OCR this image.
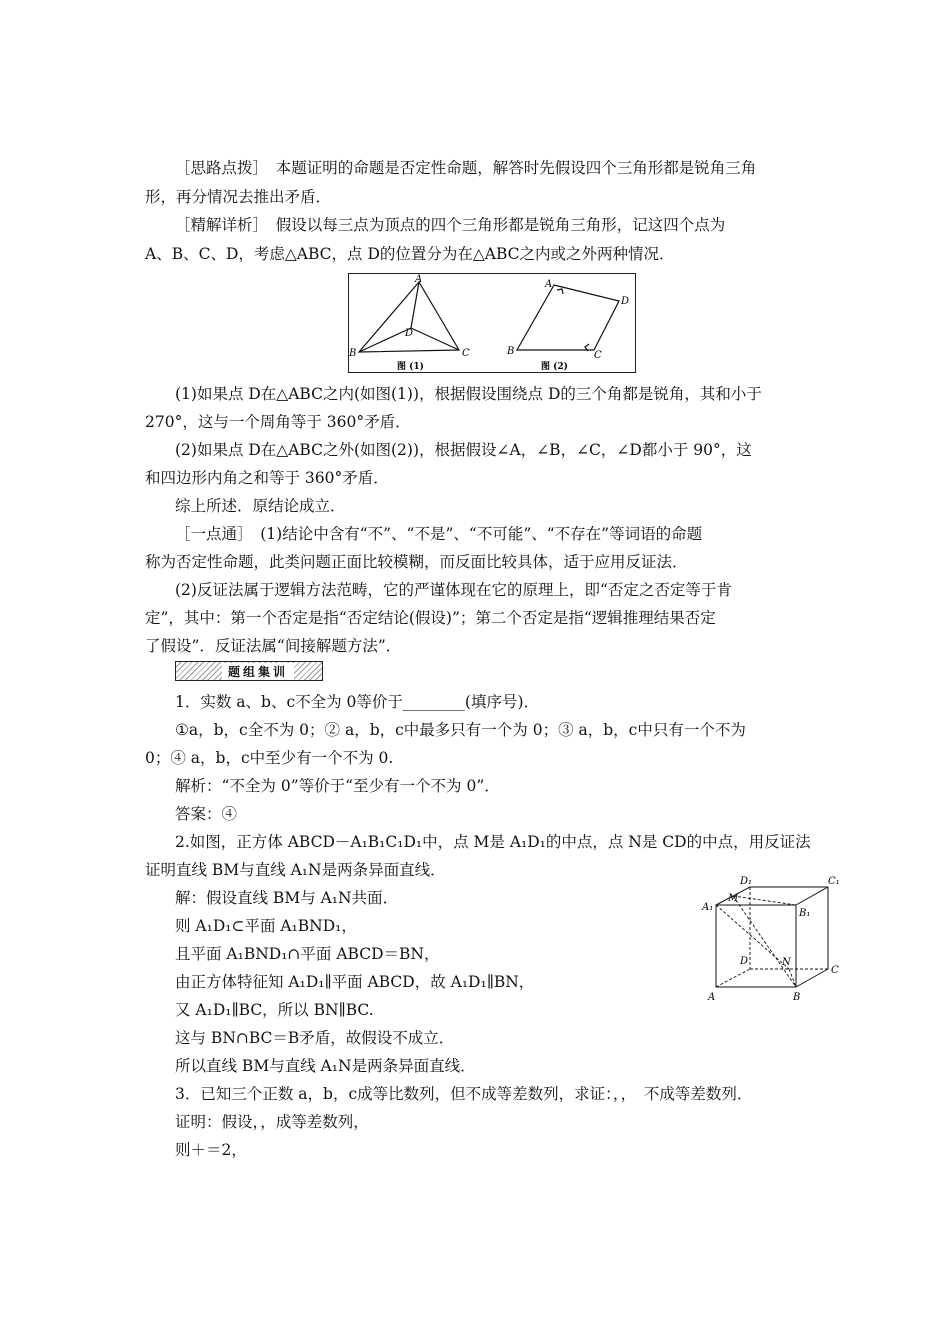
［思路点拨］　本题证明的命题是否定性命题，解答时先假设四个三角形都是锐角三角
形，再分情况去推出矛盾．
［精解详析］　假设以每三点为顶点的四个三角形都是锐角三角形，记这四个点为
A、B、C、D，考虑△ABC，点 D的位置分为在△ABC之内或之外两种情况．
A
B	C
D
A
B	C
D
图 (1)	图 (2)
(1)如果点 D在△ABC之内(如图(1))，根据假设围绕点 D的三个角都是锐角，其和小于
270°，这与一个周角等于 360°矛盾．
(2)如果点 D在△ABC之外(如图(2))，根据假设∠A，∠B，∠C，∠D都小于 90°，这
和四边形内角之和等于 360°矛盾．
综上所述．原结论成立．
［一点通］　(1)结论中含有“不”、“不是”、“不可能”、“不存在”等词语的命题
称为否定性命题，此类问题正面比较模糊，而反面比较具体，适于应用反证法．
(2)反证法属于逻辑方法范畴，它的严谨体现在它的原理上，即“否定之否定等于肯
定”，其中：第一个否定是指“否定结论(假设)”；第二个否定是指“逻辑推理结果否定
了假设”．反证法属“间接解题方法”．
题组集训
1．实数 a、b、c不全为 0等价于________(填序号)．
①a，b，c全不为 0；② a，b，c中最多只有一个为 0；③ a，b，c中只有一个不为
0；④ a，b，c中至少有一个不为 0.
解析：“不全为 0”等价于“至少有一个不为 0”．
答案：④
2.如图，正方体 ABCD－A₁B₁C₁D₁中，点 M是 A₁D₁的中点，点 N是 CD的中点，用反证法
证明直线 BM与直线 A₁N是两条异面直线．
解：假设直线 BM与 A₁N共面．
则 A₁D₁⊂平面 A₁BND₁，
且平面 A₁BND₁∩平面 ABCD＝BN，
由正方体特征知 A₁D₁∥平面 ABCD，故 A₁D₁∥BN，
又 A₁D₁∥BC，所以 BN∥BC.
这与 BN∩BC＝B矛盾，故假设不成立．
所以直线 BM与直线 A₁N是两条异面直线．
3．已知三个正数 a，b，c成等比数列，但不成等差数列，求证：，，　不成等差数列．
证明：假设，，成等差数列，
则＋＝2，
D₁	C₁
M
A₁
B₁
N
D
C
A	B
